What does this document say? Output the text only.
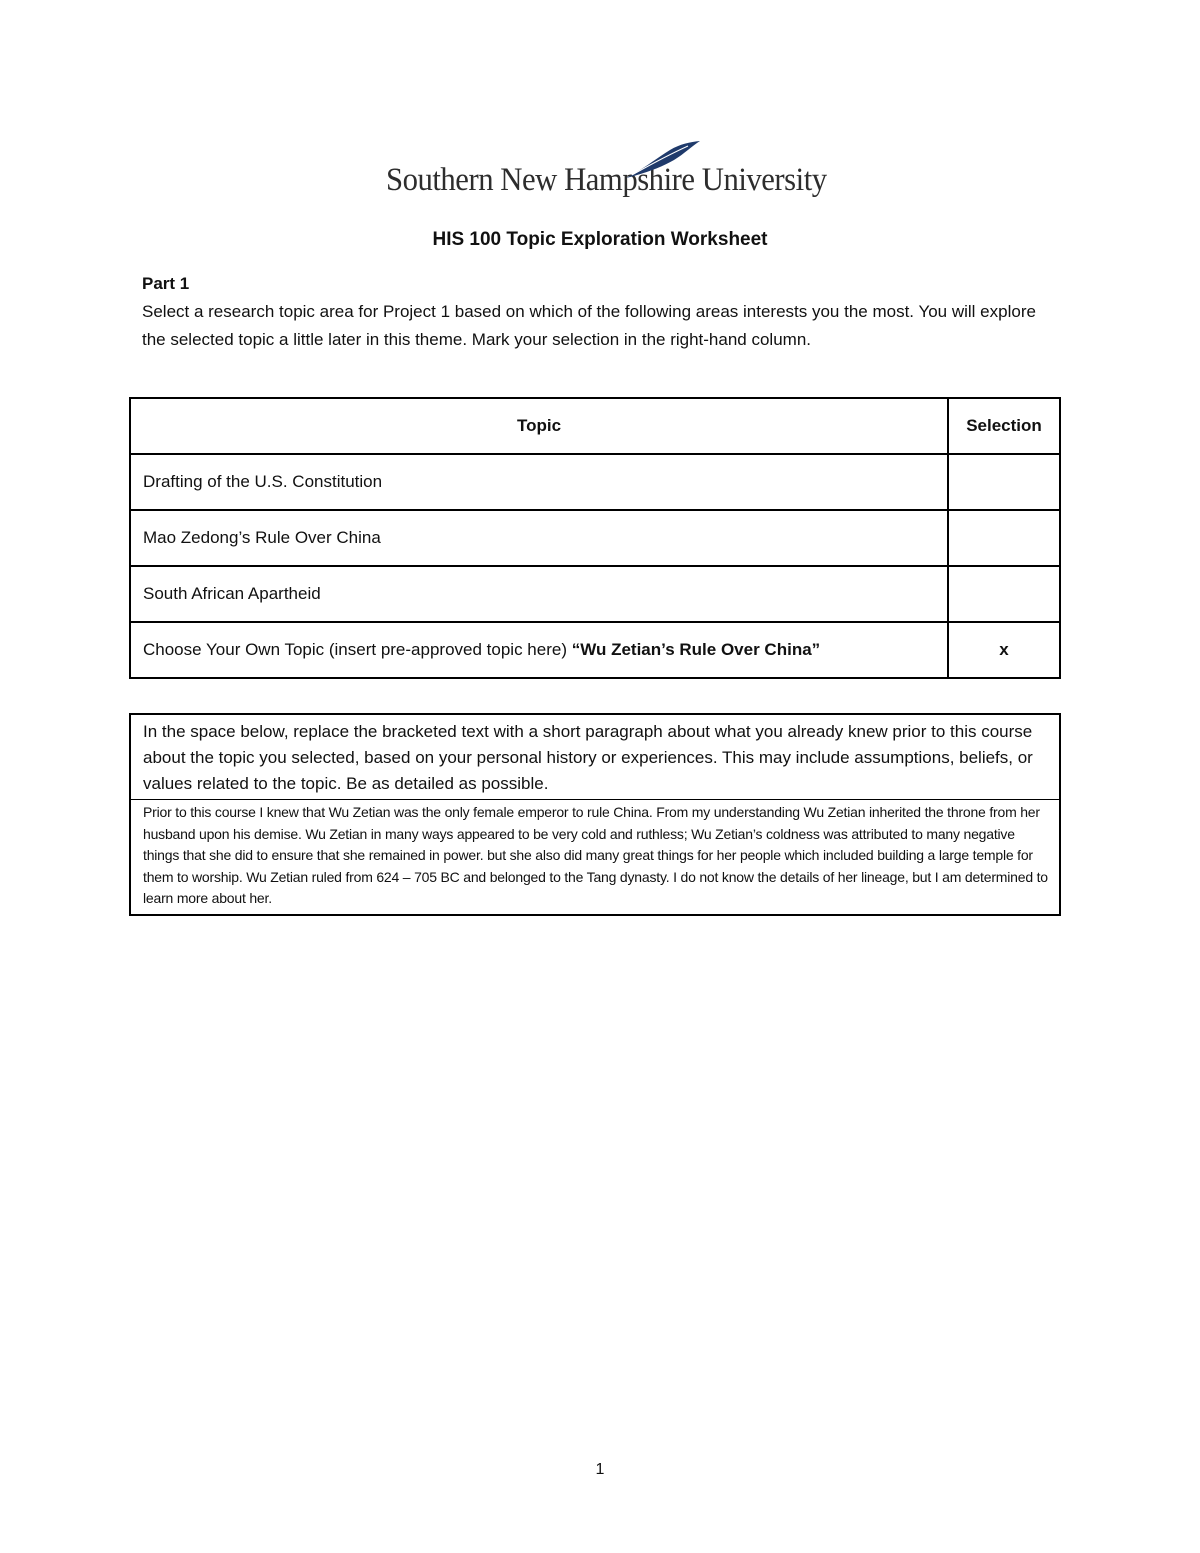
Southern New Hampshire University
HIS 100 Topic Exploration Worksheet
Part 1
Select a research topic area for Project 1 based on which of the following areas interests you the most. You will explore the selected topic a little later in this theme. Mark your selection in the right-hand column.
Topic	Selection
Drafting of the U.S. Constitution	
Mao Zedong’s Rule Over China	
South African Apartheid	
Choose Your Own Topic (insert pre-approved topic here) “Wu Zetian’s Rule Over China”	x
In the space below, replace the bracketed text with a short paragraph about what you already knew prior to this course about the topic you selected, based on your personal history or experiences. This may include assumptions, beliefs, or values related to the topic. Be as detailed as possible.
Prior to this course I knew that Wu Zetian was the only female emperor to rule China. From my understanding Wu Zetian inherited the throne from her husband upon his demise. Wu Zetian in many ways appeared to be very cold and ruthless; Wu Zetian’s coldness was attributed to many negative things that she did to ensure that she remained in power. but she also did many great things for her people which included building a large temple for them to worship. Wu Zetian ruled from 624 – 705 BC and belonged to the Tang dynasty. I do not know the details of her lineage, but I am determined to learn more about her.
1
